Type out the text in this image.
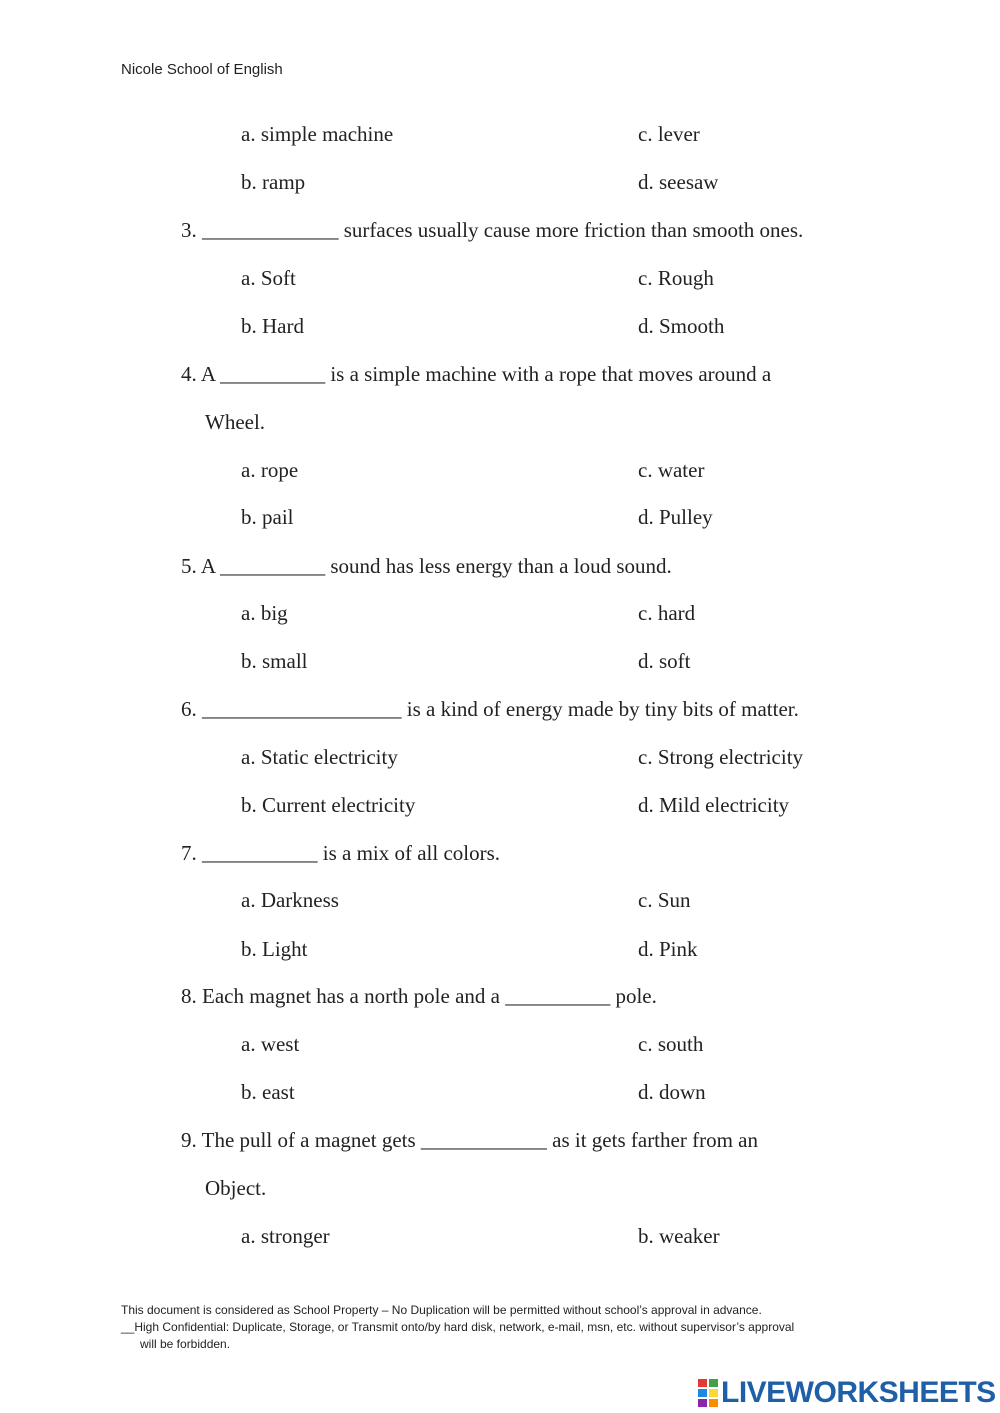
Nicole School of English
a. simple machine	c. lever
b. ramp	d. seesaw
3. _____________ surfaces usually cause more friction than smooth ones.
a. Soft	c. Rough
b. Hard	d. Smooth
4. A __________ is a simple machine with a rope that moves around a
Wheel.
a. rope	c. water
b. pail	d. Pulley
5. A __________ sound has less energy than a loud sound.
a. big	c. hard
b. small	d. soft
6. ___________________ is a kind of energy made by tiny bits of matter.
a. Static electricity	c. Strong electricity
b. Current electricity	d. Mild electricity
7. ___________ is a mix of all colors.
a. Darkness	c. Sun
b. Light	d. Pink
8. Each magnet has a north pole and a __________ pole.
a. west	c. south
b. east	d. down
9. The pull of a magnet gets ____________ as it gets farther from an
Object.
a. stronger	b. weaker
This document is considered as School Property – No Duplication will be permitted without school’s approval in advance.
__High Confidential: Duplicate, Storage, or Transmit onto/by hard disk, network, e-mail, msn, etc. without supervisor’s approval
will be forbidden.
LIVEWORKSHEETS
